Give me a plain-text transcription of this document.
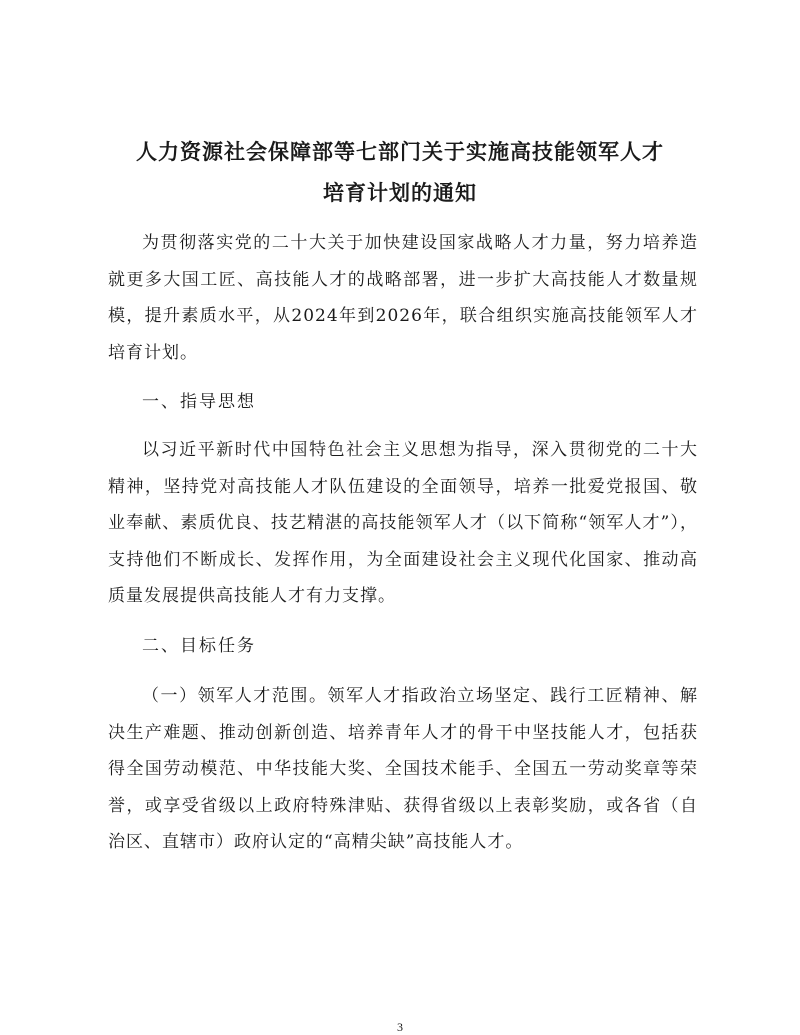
人力资源社会保障部等七部门关于实施高技能领军人才
培育计划的通知

为贯彻落实党的二十大关于加快建设国家战略人才力量，努力培养造就更多大国工匠、高技能人才的战略部署，进一步扩大高技能人才数量规模，提升素质水平，从2024年到2026年，联合组织实施高技能领军人才培育计划。

一、指导思想

以习近平新时代中国特色社会主义思想为指导，深入贯彻党的二十大精神，坚持党对高技能人才队伍建设的全面领导，培养一批爱党报国、敬业奉献、素质优良、技艺精湛的高技能领军人才（以下简称“领军人才”），支持他们不断成长、发挥作用，为全面建设社会主义现代化国家、推动高质量发展提供高技能人才有力支撑。

二、目标任务

（一）领军人才范围。领军人才指政治立场坚定、践行工匠精神、解决生产难题、推动创新创造、培养青年人才的骨干中坚技能人才，包括获得全国劳动模范、中华技能大奖、全国技术能手、全国五一劳动奖章等荣誉，或享受省级以上政府特殊津贴、获得省级以上表彰奖励，或各省（自治区、直辖市）政府认定的“高精尖缺”高技能人才。

3
